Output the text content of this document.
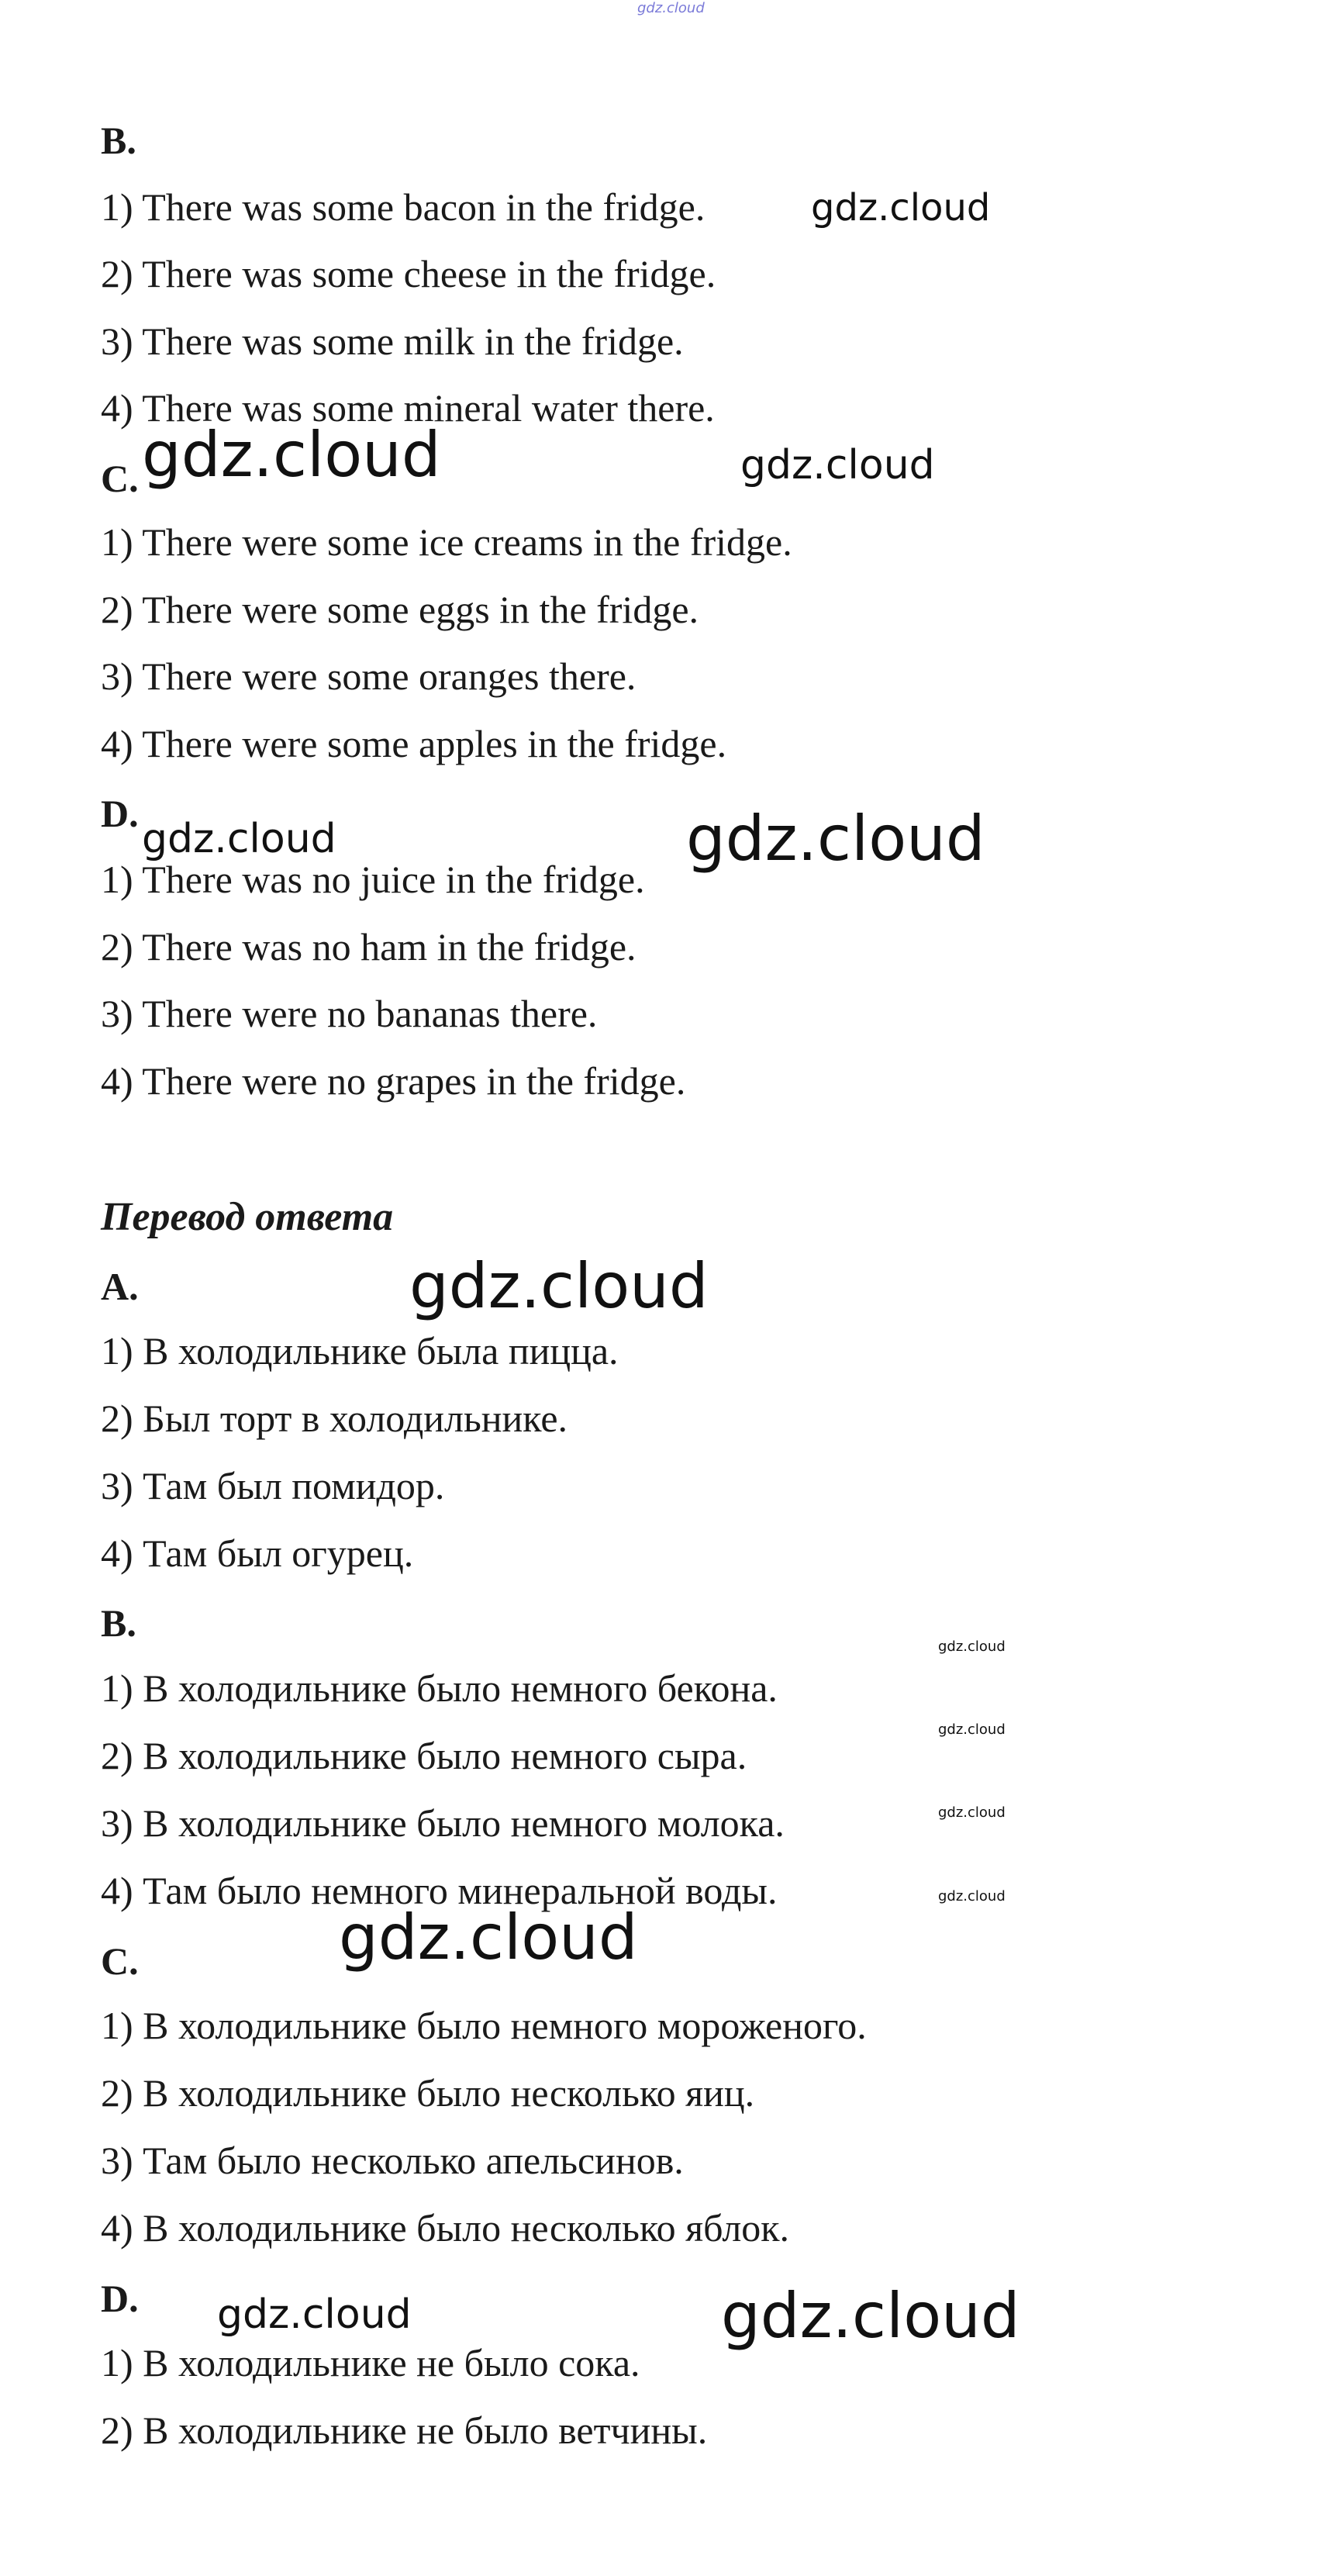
gdz.cloud
B.
1) There was some bacon in the fridge.
2) There was some cheese in the fridge.
3) There was some milk in the fridge.
4) There was some mineral water there.
C.
1) There were some ice creams in the fridge.
2) There were some eggs in the fridge.
3) There were some oranges there.
4) There were some apples in the fridge.
D.
1) There was no juice in the fridge.
2) There was no ham in the fridge.
3) There were no bananas there.
4) There were no grapes in the fridge.
Перевод ответа
A.
1) В холодильнике была пицца.
2) Был торт в холодильнике.
3) Там был помидор.
4) Там был огурец.
B.
1) В холодильнике было немного бекона.
2) В холодильнике было немного сыра.
3) В холодильнике было немного молока.
4) Там было немного минеральной воды.
C.
1) В холодильнике было немного мороженого.
2) В холодильнике было несколько яиц.
3) Там было несколько апельсинов.
4) В холодильнике было несколько яблок.
D.
1) В холодильнике не было сока.
2) В холодильнике не было ветчины.
gdz.cloud
gdz.cloud	gdz.cloud
gdz.cloud	gdz.cloud
gdz.cloud
gdz.cloud
gdz.cloud
gdz.cloud
gdz.cloud
gdz.cloud
gdz.cloud	gdz.cloud
